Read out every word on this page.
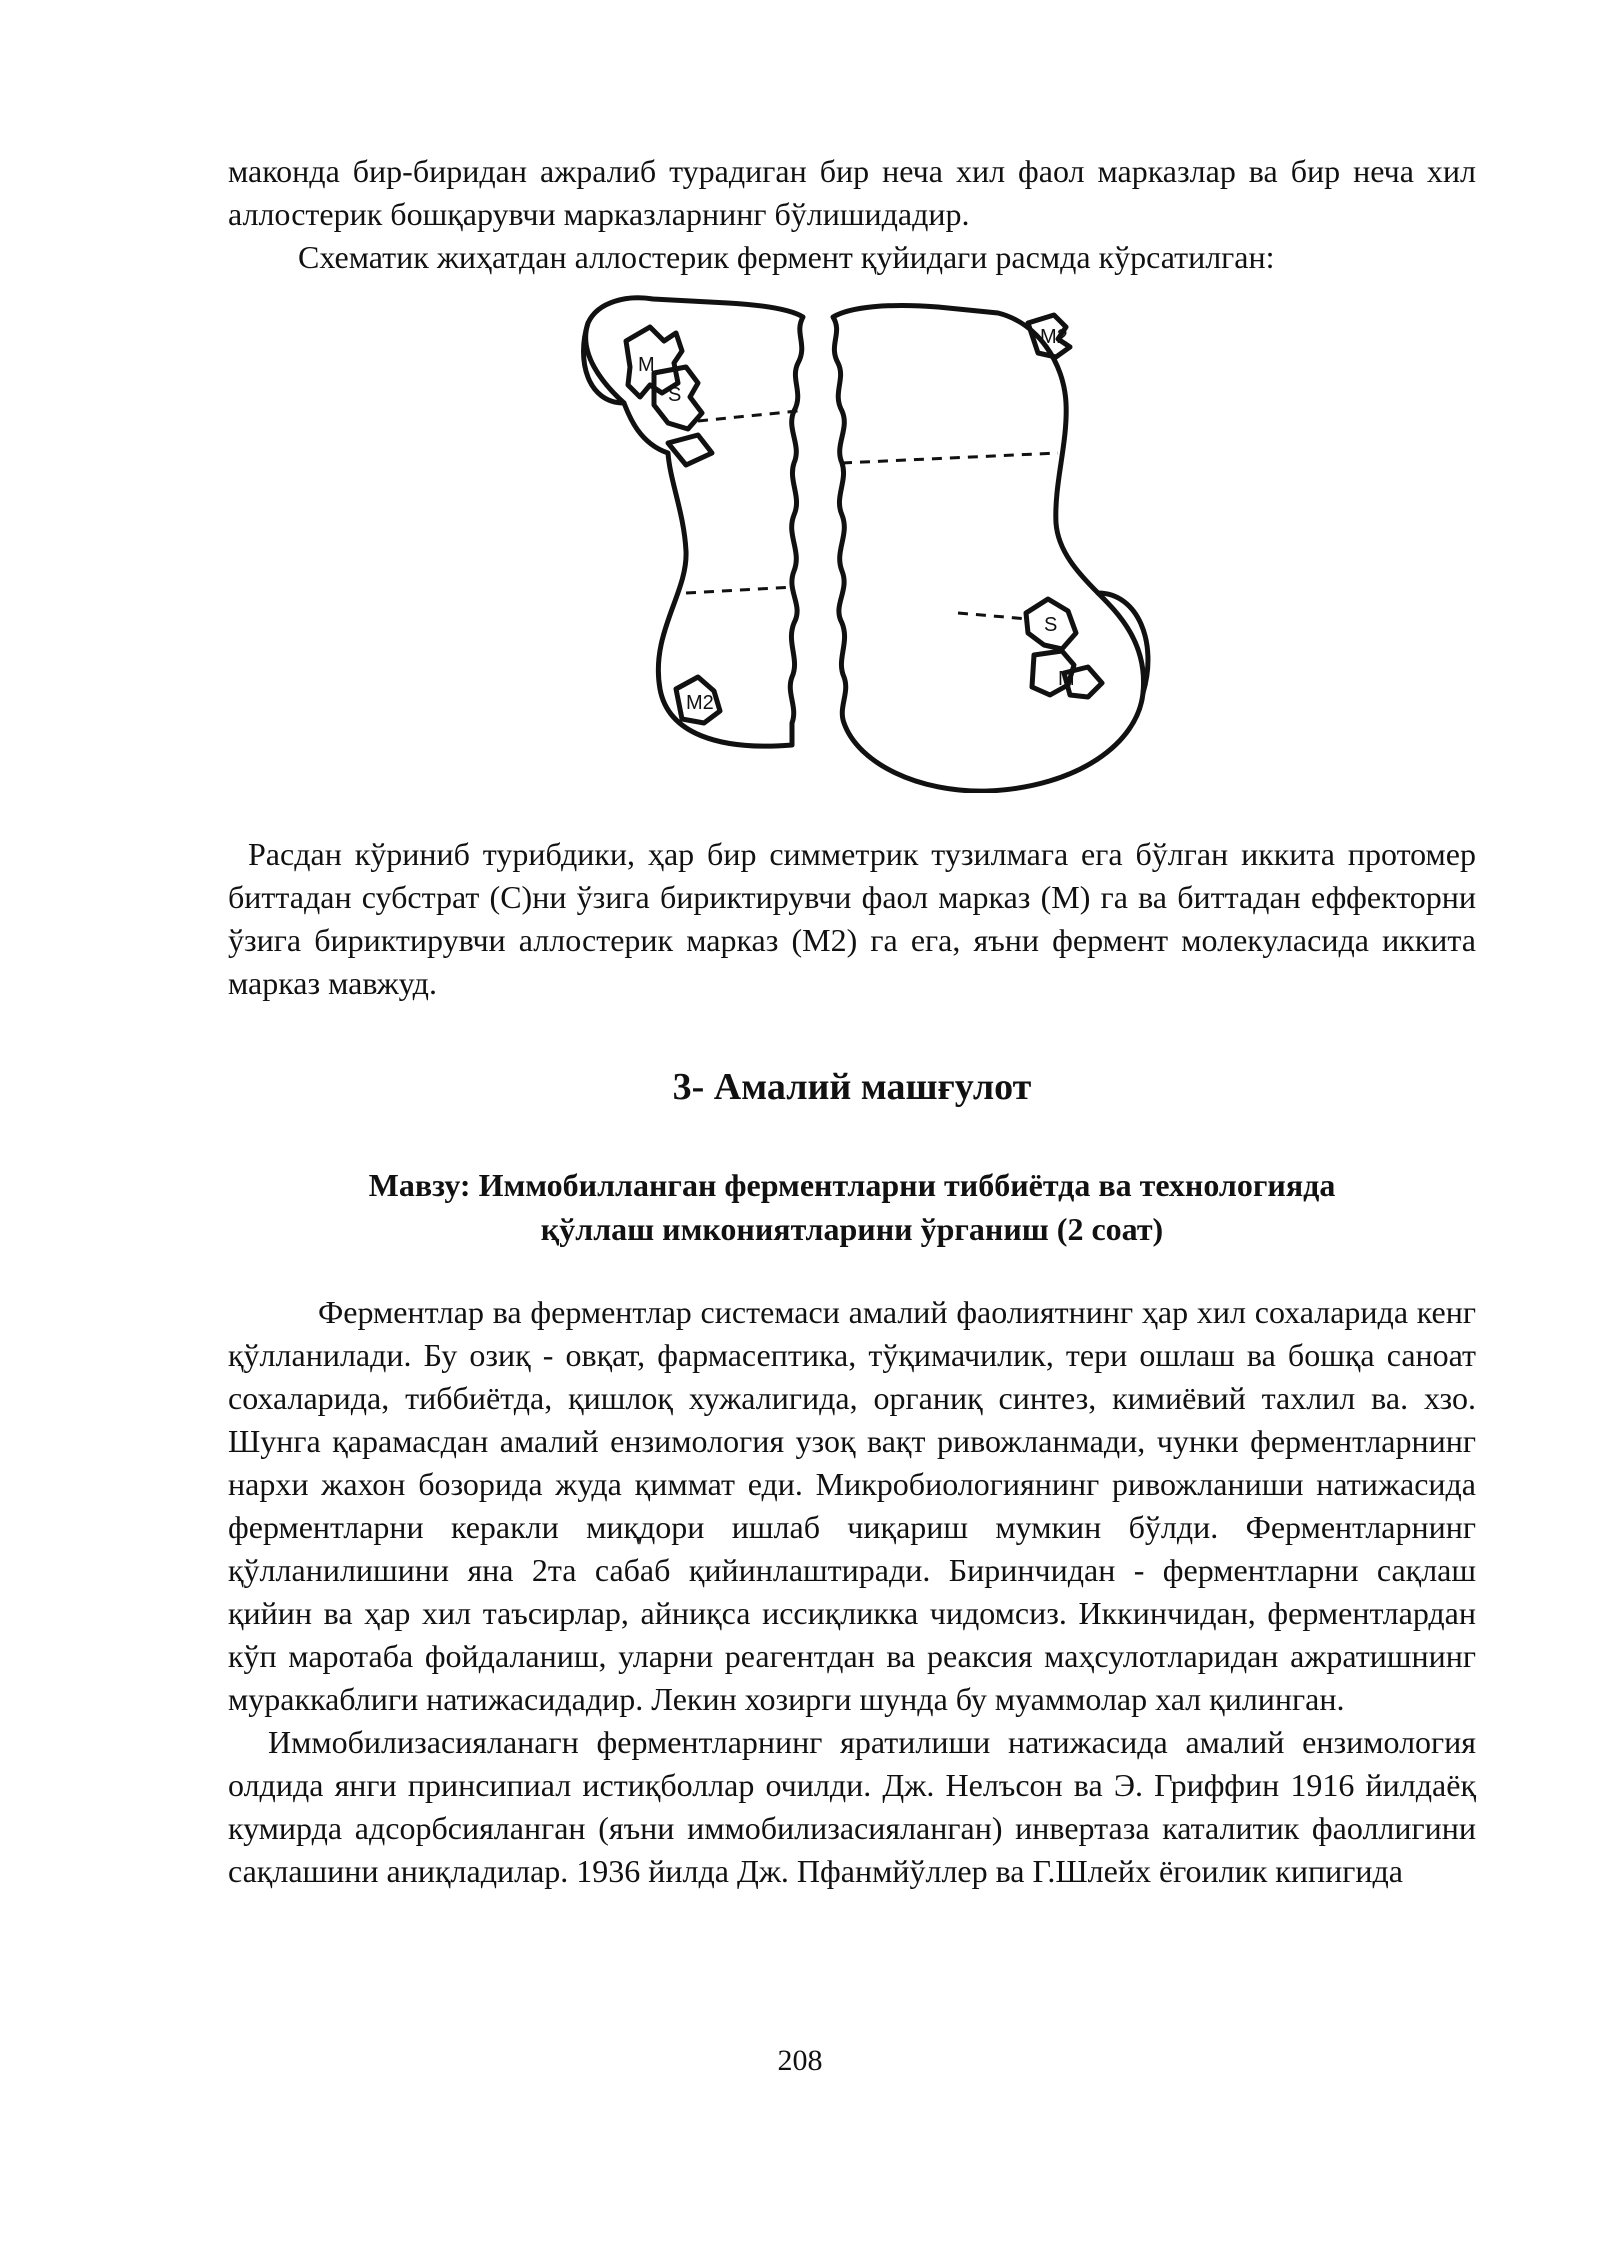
маконда бир-биридан ажралиб турадиган бир неча хил фаол марказлар ва бир неча хил аллостерик бошқарувчи марказларнинг бўлишидадир.

Схематик жиҳатдан аллостерик фермент қуйидаги расмда кўрсатилган:

M
S
M2
S
M
M2

Расдан кўриниб турибдики, ҳар бир симметрик тузилмага ега бўлган иккита протомер биттадан субстрат (С)ни ўзига бириктирувчи фаол марказ (М) га ва биттадан еффекторни ўзига бириктирувчи аллостерик марказ (М2) га ега, яъни фермент молекуласида иккита марказ мавжуд.

3- Амалий машғулот
Мавзу: Иммобилланган ферментларни тиббиётда ва технологияда
қўллаш имкониятларини ўрганиш (2 соат)

Ферментлар ва ферментлар системаси амалий фаолиятнинг ҳар хил сохаларида кенг қўлланилади. Бу озиқ - овқат, фармасептика, тўқимачилик, тери ошлаш ва бошқа саноат сохаларида, тиббиётда, қишлоқ хужалигида, органиқ синтез, кимиёвий тахлил ва. хзо. Шунга қарамасдан амалий ензимология узоқ вақт ривожланмади, чунки ферментларнинг нархи жахон бозорида жуда қиммат еди. Микробиологиянинг ривожланиши натижасида ферментларни керакли миқдори ишлаб чиқариш мумкин бўлди. Ферментларнинг қўлланилишини яна 2та сабаб қийинлаштиради. Биринчидан - ферментларни сақлаш қийин ва ҳар хил таъсирлар, айниқса иссиқликка чидомсиз. Иккинчидан, ферментлардан кўп маротаба фойдаланиш, уларни реагентдан ва реаксия маҳсулотларидан ажратишнинг мураккаблиги натижасидадир. Лекин хозирги шунда бу муаммолар хал қилинган.

Иммобилизасияланагн ферментларнинг яратилиши натижасида амалий ензимология олдида янги принсипиал истиқболлар очилди. Дж. Нелъсон ва Э. Гриффин 1916 йилдаёқ кумирда адсорбсияланган (яъни иммобилизасияланган) инвертаза каталитик фаоллигини сақлашини аниқладилар. 1936 йилда Дж. Пфанмйўллер ва Г.Шлейх ёгоилик кипигида

208
